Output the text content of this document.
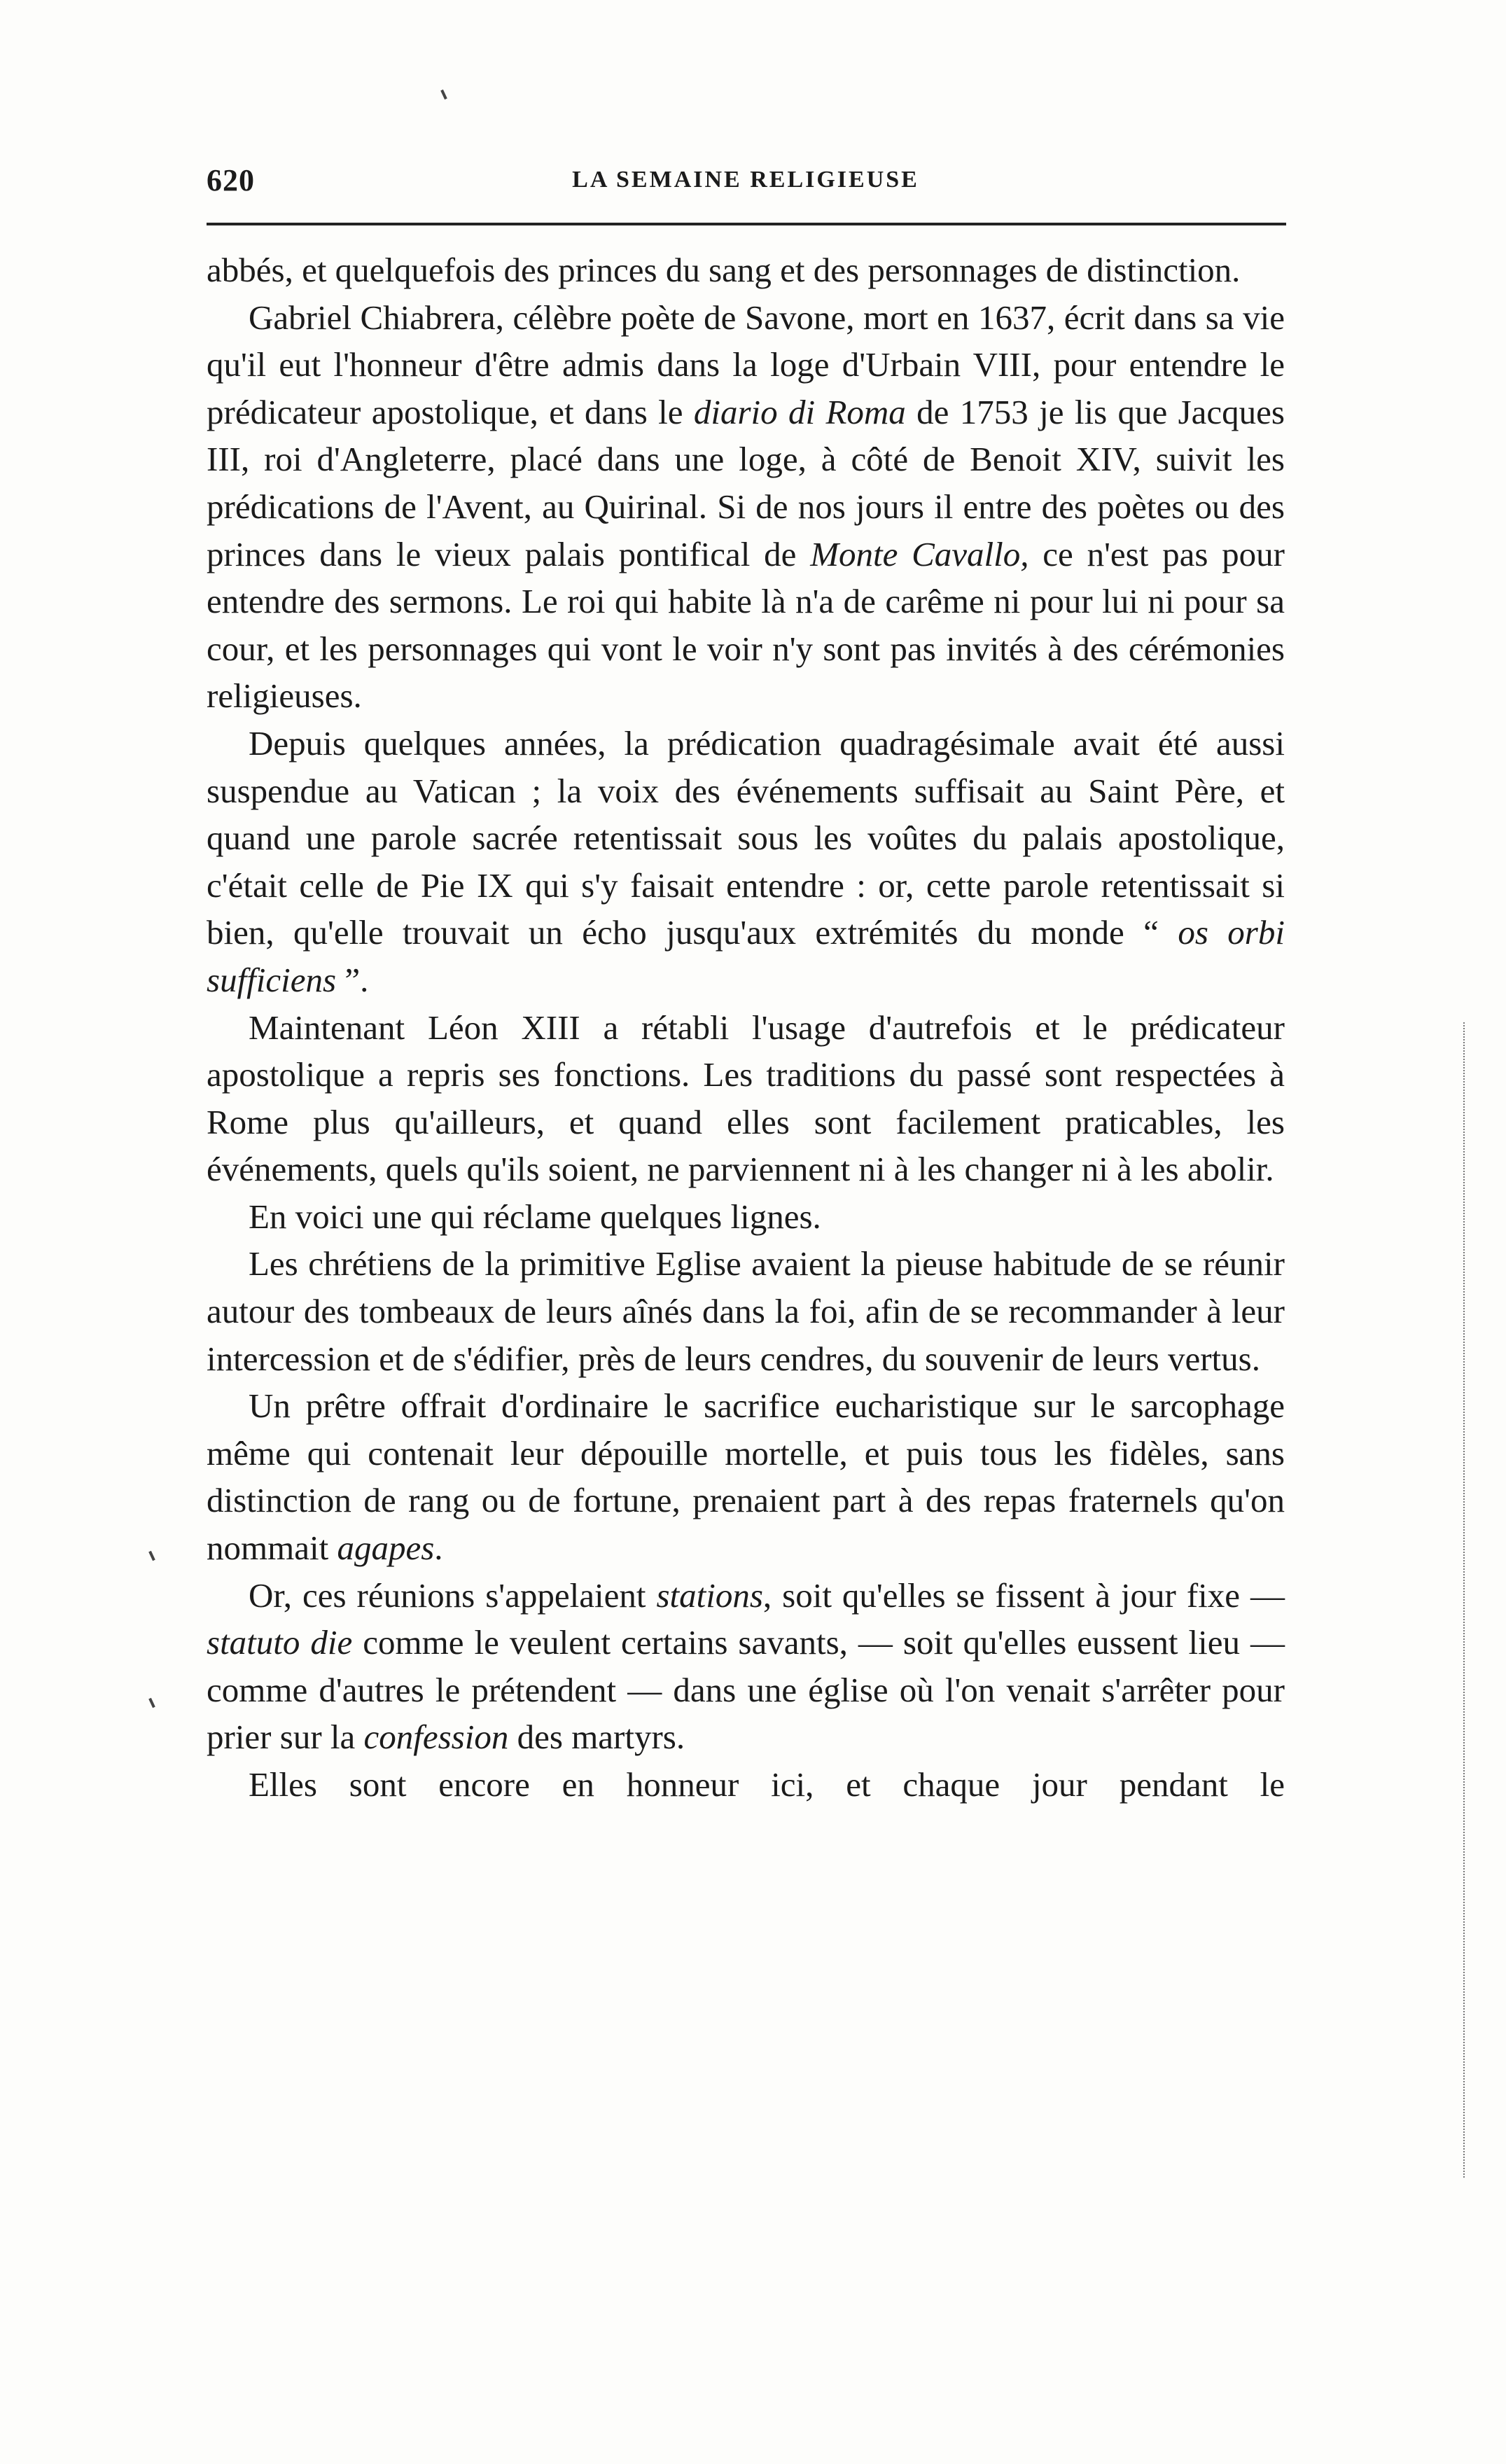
620	LA SEMAINE RELIGIEUSE

abbés, et quelquefois des princes du sang et des personnages de distinction.

Gabriel Chiabrera, célèbre poète de Savone, mort en 1637, écrit dans sa vie qu'il eut l'honneur d'être admis dans la loge d'Urbain VIII, pour entendre le prédicateur apostolique, et dans le diario di Roma de 1753 je lis que Jacques III, roi d'Angleterre, placé dans une loge, à côté de Benoit XIV, suivit les prédications de l'Avent, au Quirinal. Si de nos jours il entre des poètes ou des princes dans le vieux palais pontifical de Monte Cavallo, ce n'est pas pour entendre des sermons. Le roi qui habite là n'a de carême ni pour lui ni pour sa cour, et les personnages qui vont le voir n'y sont pas invités à des cérémonies religieuses.

Depuis quelques années, la prédication quadragésimale avait été aussi suspendue au Vatican ; la voix des événements suffisait au Saint Père, et quand une parole sacrée retentissait sous les voûtes du palais apostolique, c'était celle de Pie IX qui s'y faisait entendre : or, cette parole retentissait si bien, qu'elle trouvait un écho jusqu'aux extrémités du monde “ os orbi sufficiens ”.

Maintenant Léon XIII a rétabli l'usage d'autrefois et le prédicateur apostolique a repris ses fonctions. Les traditions du passé sont respectées à Rome plus qu'ailleurs, et quand elles sont facilement praticables, les événements, quels qu'ils soient, ne parviennent ni à les changer ni à les abolir.

En voici une qui réclame quelques lignes.

Les chrétiens de la primitive Eglise avaient la pieuse habitude de se réunir autour des tombeaux de leurs aînés dans la foi, afin de se recommander à leur intercession et de s'édifier, près de leurs cendres, du souvenir de leurs vertus.

Un prêtre offrait d'ordinaire le sacrifice eucharistique sur le sarcophage même qui contenait leur dépouille mortelle, et puis tous les fidèles, sans distinction de rang ou de fortune, prenaient part à des repas fraternels qu'on nommait agapes.

Or, ces réunions s'appelaient stations, soit qu'elles se fissent à jour fixe — statuto die comme le veulent certains savants, — soit qu'elles eussent lieu — comme d'autres le prétendent — dans une église où l'on venait s'arrêter pour prier sur la confession des martyrs.

Elles sont encore en honneur ici, et chaque jour pendant le
